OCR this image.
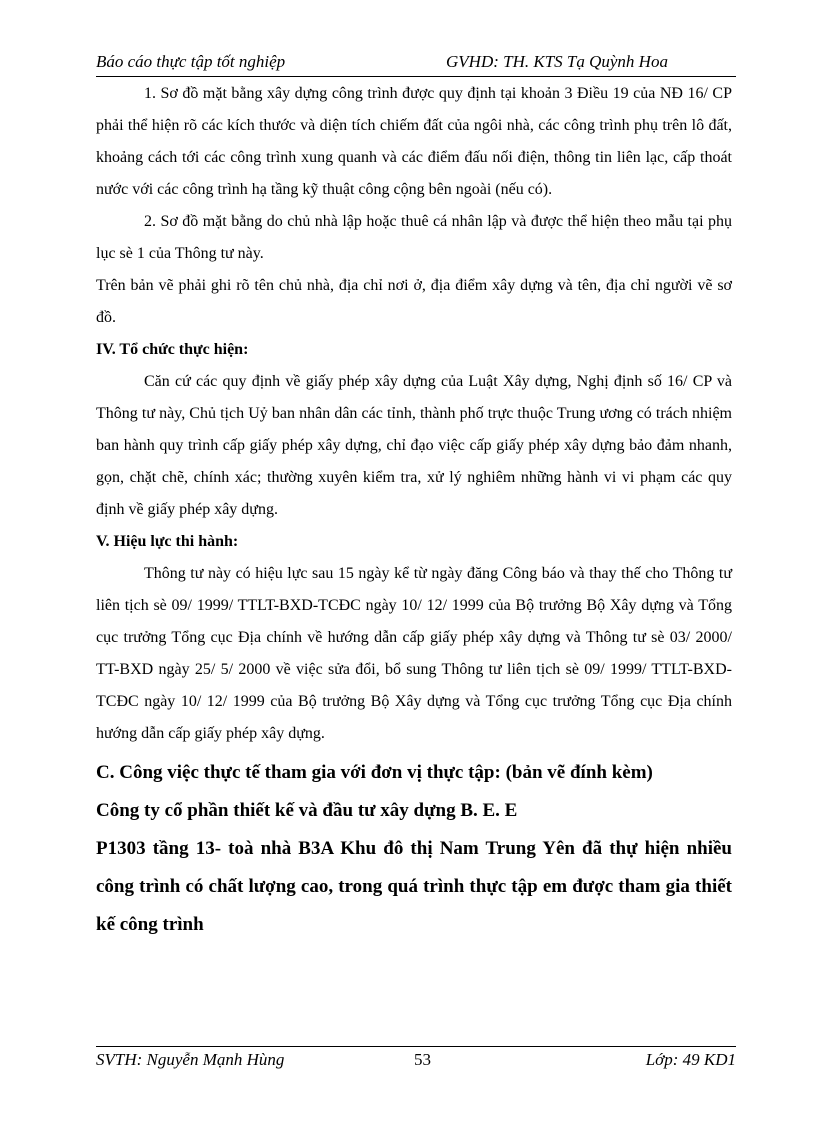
Báo cáo thực tập tốt nghiệp	GVHD: TH. KTS Tạ Quỳnh Hoa

1. Sơ đồ mặt bằng xây dựng công trình được quy định tại khoản 3 Điều 19 của NĐ 16/ CP phải thể hiện rõ các kích thước và diện tích chiếm đất của ngôi nhà, các công trình phụ trên lô đất, khoảng cách tới các công trình xung quanh và các điểm đấu nối điện, thông tin liên lạc, cấp thoát nước với các công trình hạ tầng kỹ thuật công cộng bên ngoài (nếu có).

2. Sơ đồ mặt bằng do chủ nhà lập hoặc thuê cá nhân lập và được thể hiện theo mẫu tại phụ lục sè 1 của Thông tư này.

Trên bản vẽ phải ghi rõ tên chủ nhà, địa chỉ nơi ở, địa điểm xây dựng và tên, địa chỉ người vẽ sơ đồ.

IV. Tổ chức thực hiện:

Căn cứ các quy định về giấy phép xây dựng của Luật Xây dựng, Nghị định số 16/ CP và Thông tư này, Chủ tịch Uỷ ban nhân dân các tỉnh, thành phố trực thuộc Trung ương có trách nhiệm ban hành quy trình cấp giấy phép xây dựng, chỉ đạo việc cấp giấy phép xây dựng bảo đảm nhanh, gọn, chặt chẽ, chính xác; thường xuyên kiểm tra, xử lý nghiêm những hành vi vi phạm các quy định về giấy phép xây dựng.

V. Hiệu lực thi hành:

Thông tư này có hiệu lực sau 15 ngày kể từ ngày đăng Công báo và thay thế cho Thông tư liên tịch sè 09/ 1999/ TTLT-BXD-TCĐC ngày 10/ 12/ 1999 của Bộ trưởng Bộ Xây dựng và Tổng cục trưởng Tổng cục Địa chính về hướng dẫn cấp giấy phép xây dựng và Thông tư sè 03/ 2000/ TT-BXD ngày 25/ 5/ 2000 về việc sửa đổi, bổ sung Thông tư liên tịch sè 09/ 1999/ TTLT-BXD-TCĐC ngày 10/ 12/ 1999 của Bộ trưởng Bộ Xây dựng và Tổng cục trưởng Tổng cục Địa chính hướng dẫn cấp giấy phép xây dựng.

C. Công việc thực tế tham gia với đơn vị thực tập: (bản vẽ đính kèm)

Công ty cổ phần thiết kế và đầu tư xây dựng B. E. E

P1303 tầng 13- toà nhà B3A Khu đô thị Nam Trung Yên đã thự hiện nhiều công trình có chất lượng cao, trong quá trình thực tập em được tham gia thiết kế công trình

SVTH: Nguyễn Mạnh Hùng	53	Lớp: 49 KD1
